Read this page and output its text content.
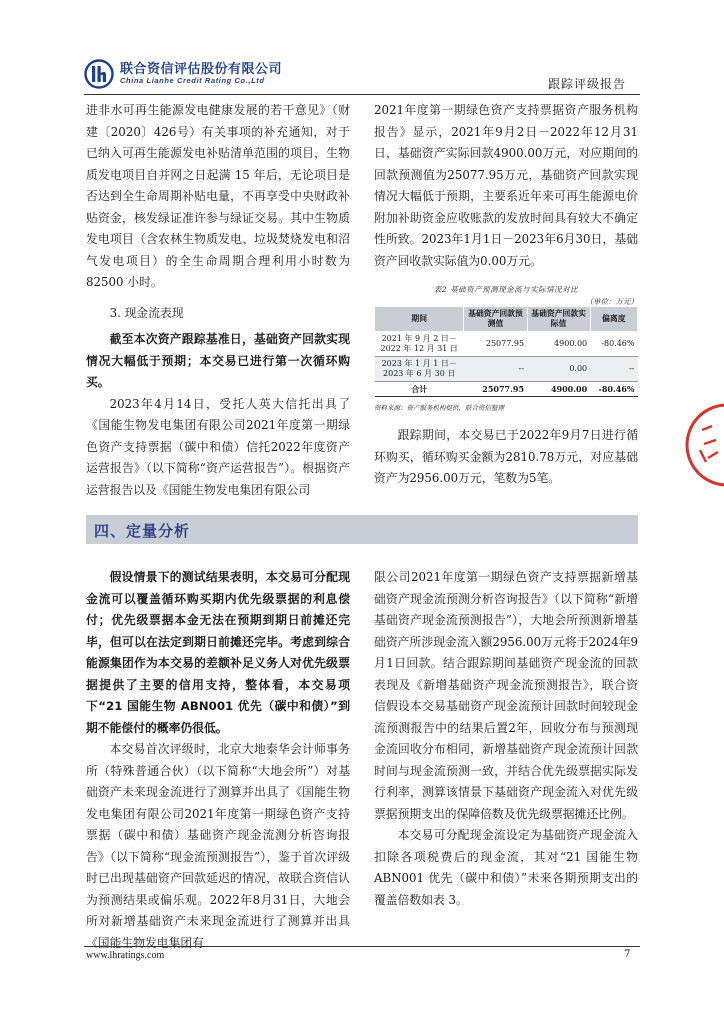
联合资信评估股份有限公司
China Lianhe Credit Rating Co.,Ltd	跟踪评级报告

进非水可再生能源发电健康发展的若干意见》（财建〔2020〕426号）有关事项的补充通知，对于已纳入可再生能源发电补贴清单范围的项目，生物质发电项目自并网之日起满 15 年后，无论项目是否达到全生命周期补贴电量，不再享受中央财政补贴资金，核发绿证准许参与绿证交易。其中生物质发电项目（含农林生物质发电、垃圾焚烧发电和沼气发电项目）的全生命周期合理利用小时数为 82500 小时。

3. 现金流表现

截至本次资产跟踪基准日，基础资产回款实现情况大幅低于预期；本交易已进行第一次循环购买。

2023年4月14日，受托人英大信托出具了《国能生物发电集团有限公司2021年度第一期绿色资产支持票据（碳中和债）信托2022年度资产运营报告》（以下简称“资产运营报告”）。根据资产运营报告以及《国能生物发电集团有限公司

2021年度第一期绿色资产支持票据资产服务机构报告》显示，2021年9月2日－2022年12月31日，基础资产实际回款4900.00万元，对应期间的回款预测值为25077.95万元，基础资产回款实现情况大幅低于预期，主要系近年来可再生能源电价附加补助资金应收账款的发放时间具有较大不确定性所致。2023年1月1日－2023年6月30日，基础资产回收款实际值为0.00万元。

表2 基础资产预测现金流与实际情况对比
（单位：万元）
期间	基础资产回款预测值	基础资产回款实际值	偏离度
2021 年 9 月 2 日－2022 年 12 月 31 日	25077.95	4900.00	-80.46%
2023 年 1 月 1 日－2023 年 6 月 30 日	--	0.00	--
合计	25077.95	4900.00	-80.46%
资料来源：资产服务机构提供，联合资信整理

跟踪期间，本交易已于2022年9月7日进行循环购买，循环购买金额为2810.78万元，对应基础资产为2956.00万元，笔数为5笔。

四、定量分析

假设情景下的测试结果表明，本交易可分配现金流可以覆盖循环购买期内优先级票据的利息偿付；优先级票据本金无法在预期到期日前摊还完毕，但可以在法定到期日前摊还完毕。考虑到综合能源集团作为本交易的差额补足义务人对优先级票据提供了主要的信用支持，整体看，本交易项下“21 国能生物 ABN001 优先（碳中和债）”到期不能偿付的概率仍很低。

本交易首次评级时，北京大地泰华会计师事务所（特殊普通合伙）（以下简称“大地会所”）对基础资产未来现金流进行了测算并出具了《国能生物发电集团有限公司2021年度第一期绿色资产支持票据（碳中和债）基础资产现金流测分析咨询报告》（以下简称“现金流预测报告”），鉴于首次评级时已出现基础资产回款延迟的情况，故联合资信认为预测结果或偏乐观。2022年8月31日，大地会所对新增基础资产未来现金流进行了测算并出具《国能生物发电集团有

限公司2021年度第一期绿色资产支持票据新增基础资产现金流预测分析咨询报告》（以下简称“新增基础资产现金流预测报告”），大地会所预测新增基础资产所涉现金流入额2956.00万元将于2024年9月1日回款。结合跟踪期间基础资产现金流的回款表现及《新增基础资产现金流预测报告》，联合资信假设本交易基础资产现金流预计回款时间较现金流预测报告中的结果后置2年，回收分布与预测现金流回收分布相同，新增基础资产现金流预计回款时间与现金流预测一致，并结合优先级票据实际发行利率，测算该情景下基础资产现金流入对优先级票据预期支出的保障倍数及优先级票据摊还比例。

本交易可分配现金流设定为基础资产现金流入扣除各项税费后的现金流，其对“21 国能生物 ABN001 优先（碳中和债）”未来各期预期支出的覆盖倍数如表 3。

www.lhratings.com	7
